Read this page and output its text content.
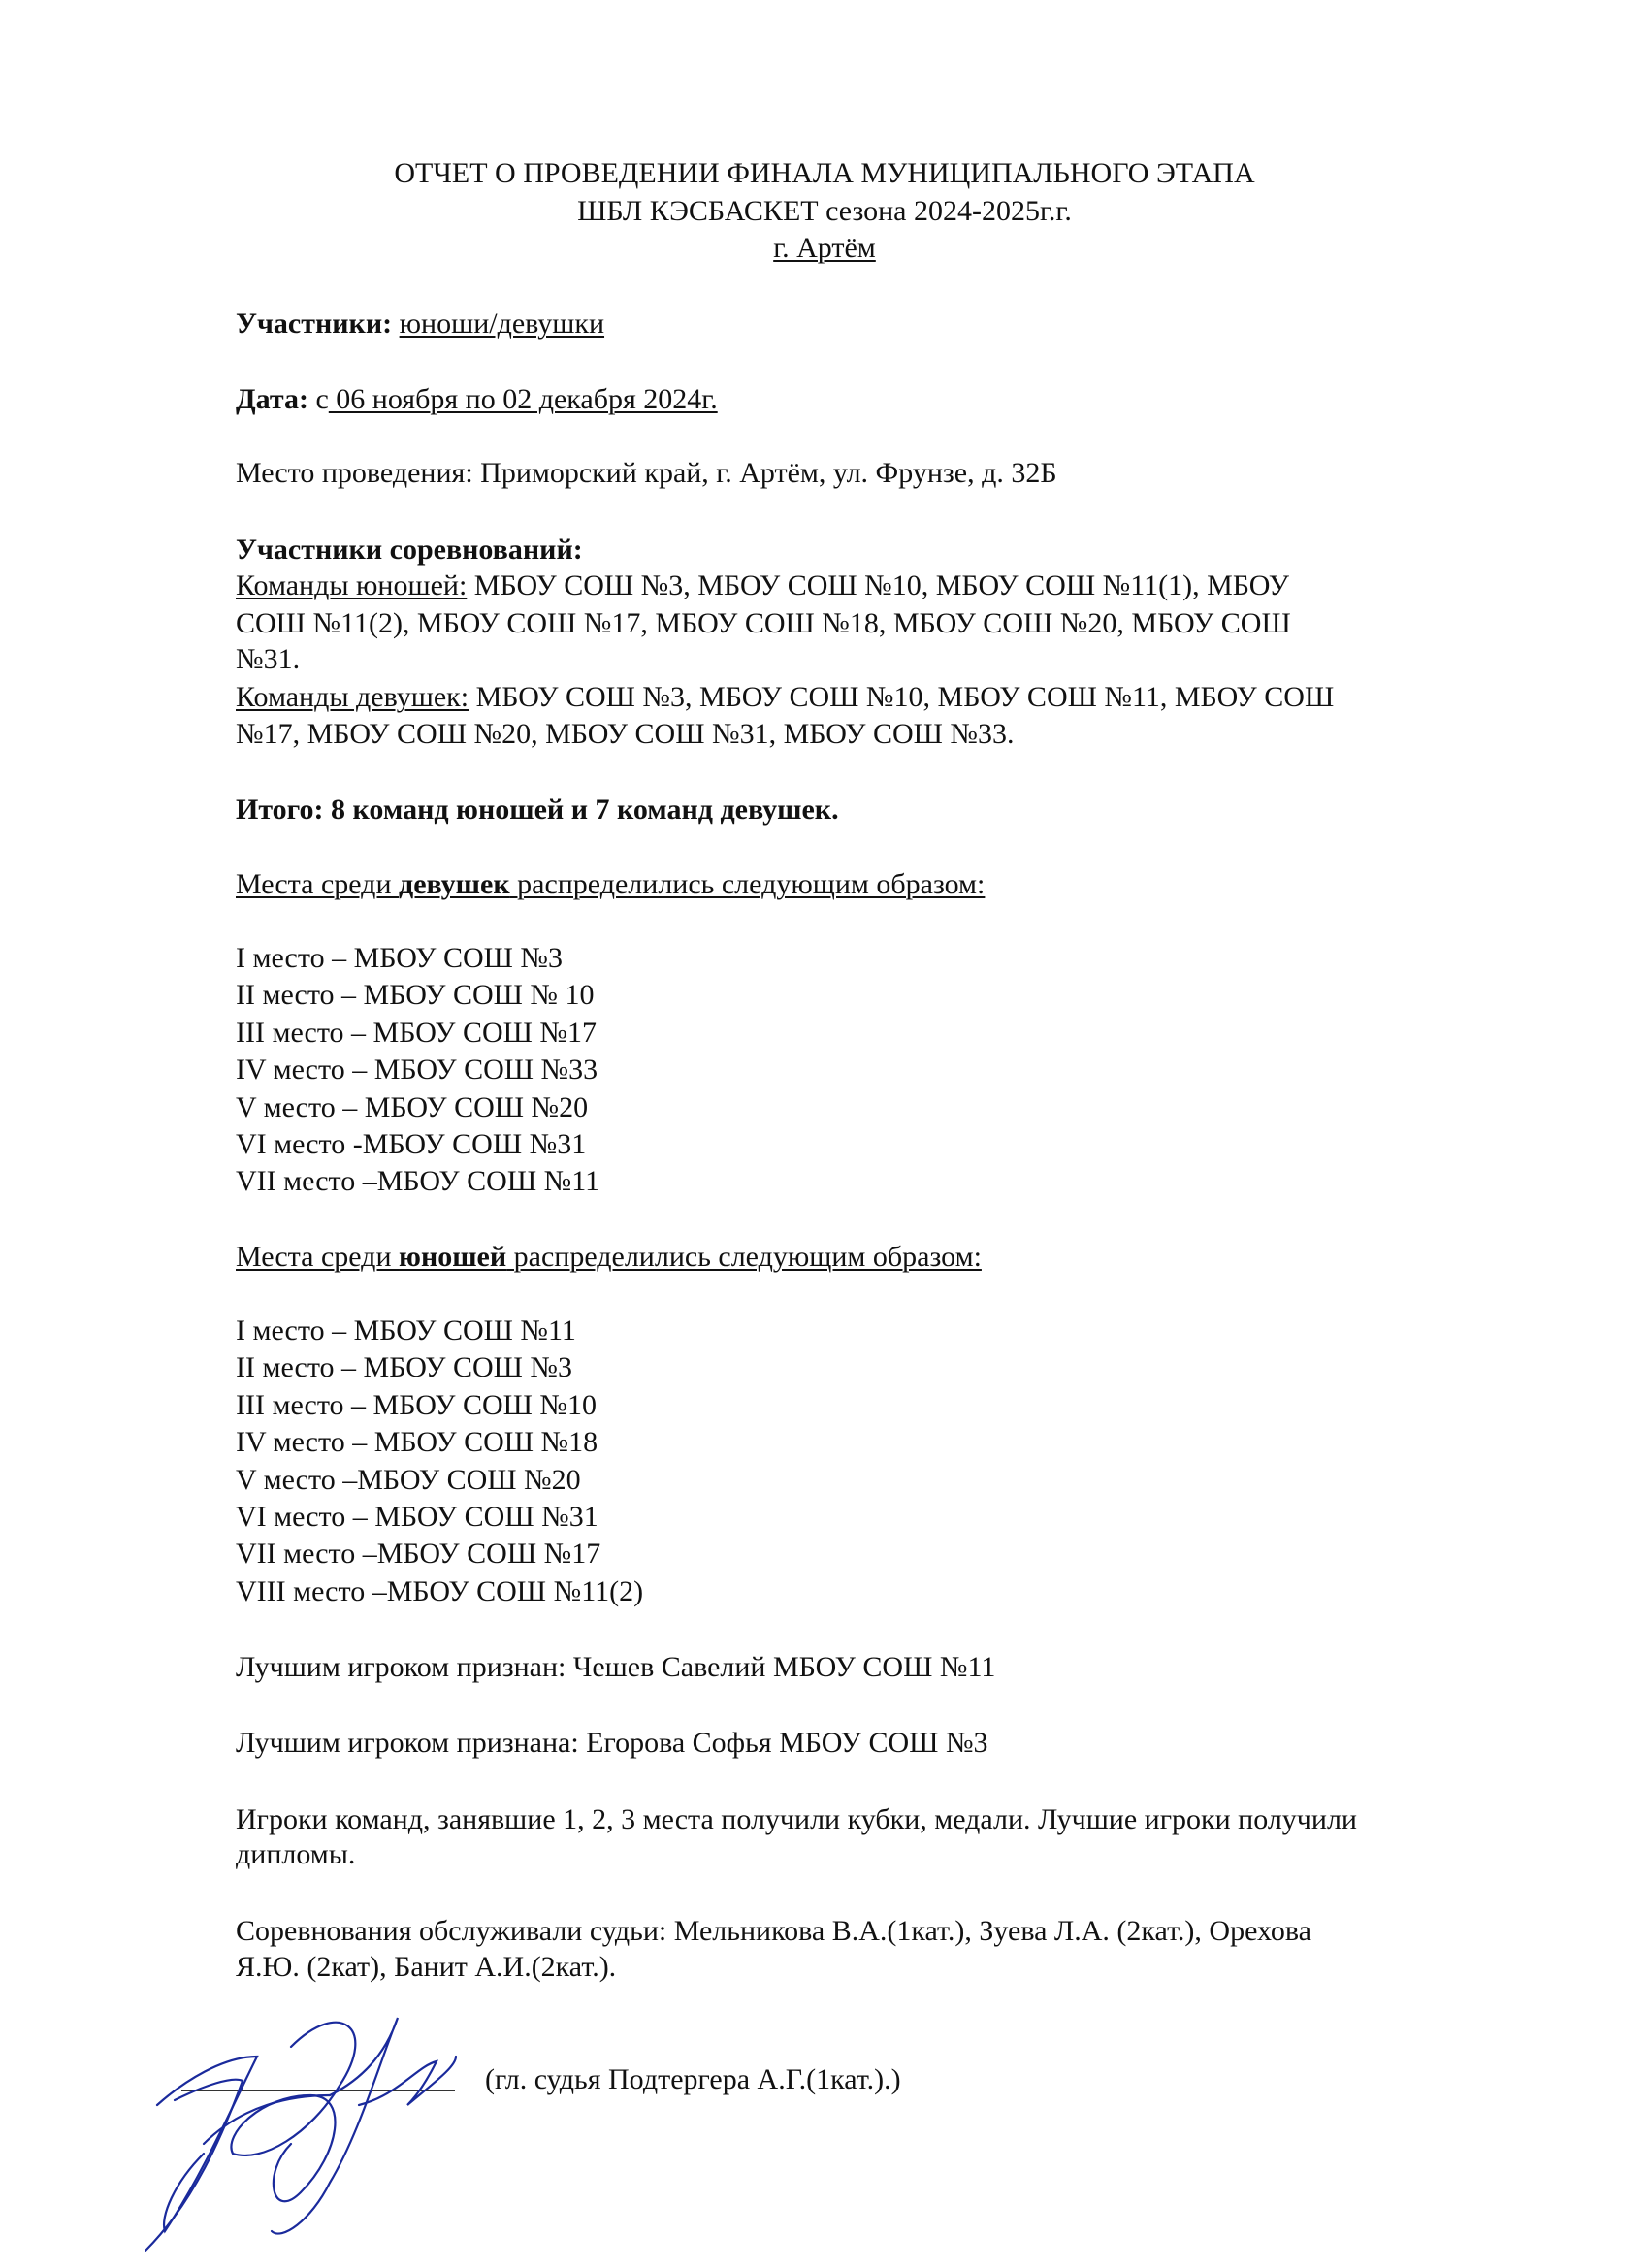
ОТЧЕТ О ПРОВЕДЕНИИ ФИНАЛА МУНИЦИПАЛЬНОГО ЭТАПА
ШБЛ КЭСБАСКЕТ сезона 2024-2025г.г.
г. Артём
Участники: юноши/девушки
Дата: с 06 ноября по 02 декабря 2024г.
Место проведения: Приморский край, г. Артём, ул. Фрунзе, д. 32Б
Участники соревнований:
Команды юношей: МБОУ СОШ №3, МБОУ СОШ №10, МБОУ СОШ №11(1), МБОУ
СОШ №11(2), МБОУ СОШ №17, МБОУ СОШ №18, МБОУ СОШ №20, МБОУ СОШ
№31.
Команды девушек: МБОУ СОШ №3, МБОУ СОШ №10, МБОУ СОШ №11, МБОУ СОШ
№17, МБОУ СОШ №20, МБОУ СОШ №31, МБОУ СОШ №33.
Итого: 8 команд юношей и 7 команд девушек.
Места среди девушек распределились следующим образом:
I место – МБОУ СОШ №3
II место – МБОУ СОШ № 10
III место – МБОУ СОШ №17
IV место – МБОУ СОШ №33
V место – МБОУ СОШ №20
VI место -МБОУ СОШ №31
VII место –МБОУ СОШ №11
Места среди юношей распределились следующим образом:
I место – МБОУ СОШ №11
II место – МБОУ СОШ №3
III место – МБОУ СОШ №10
IV место – МБОУ СОШ №18
V место –МБОУ СОШ №20
VI место – МБОУ СОШ №31
VII место –МБОУ СОШ №17
VIII место –МБОУ СОШ №11(2)
Лучшим игроком признан: Чешев Савелий МБОУ СОШ №11
Лучшим игроком признана: Егорова Софья МБОУ СОШ №3
Игроки команд, занявшие 1, 2, 3 места получили кубки, медали. Лучшие игроки получили
дипломы.
Соревнования обслуживали судьи: Мельникова В.А.(1кат.), Зуева Л.А. (2кат.), Орехова
Я.Ю. (2кат), Банит А.И.(2кат.).
(гл. судья Подтергера А.Г.(1кат.).)
